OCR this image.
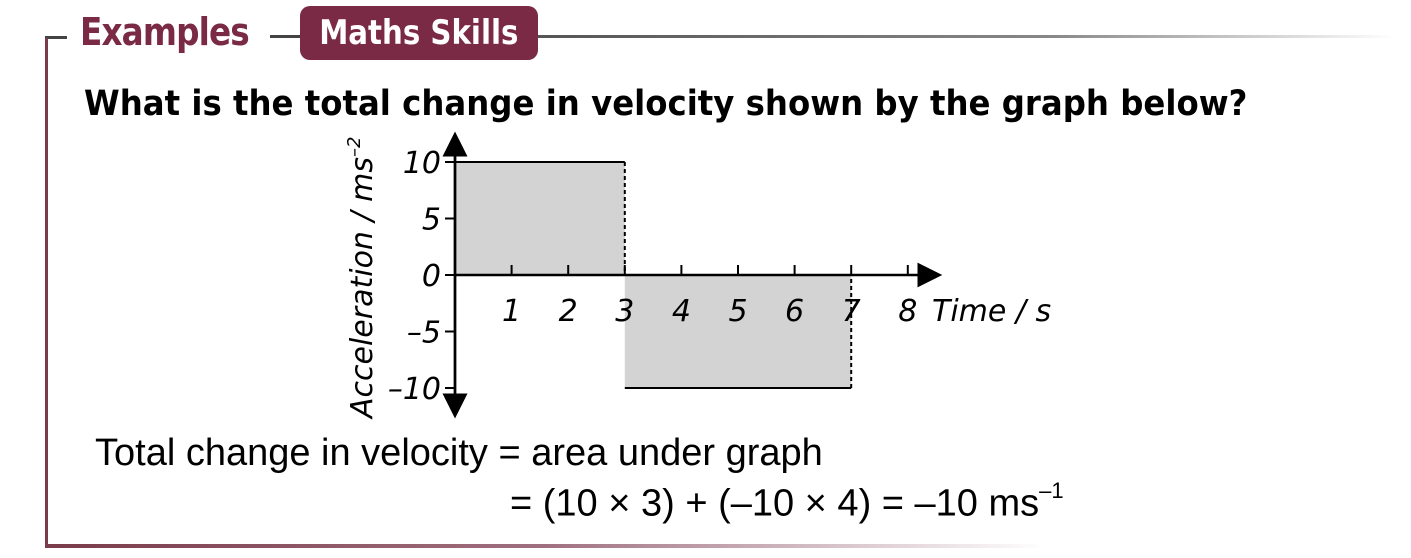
Examples Maths Skills
What is the total change in velocity shown by the graph below?
10
5
0
–5
–10
1 2 3 4 5 6 7 8 Time / s
Acceleration / $ms^{-2}$
Total change in velocity = area under graph
= (10 × 3) + (–10 × 4) = –10 $ms^{-1}$
